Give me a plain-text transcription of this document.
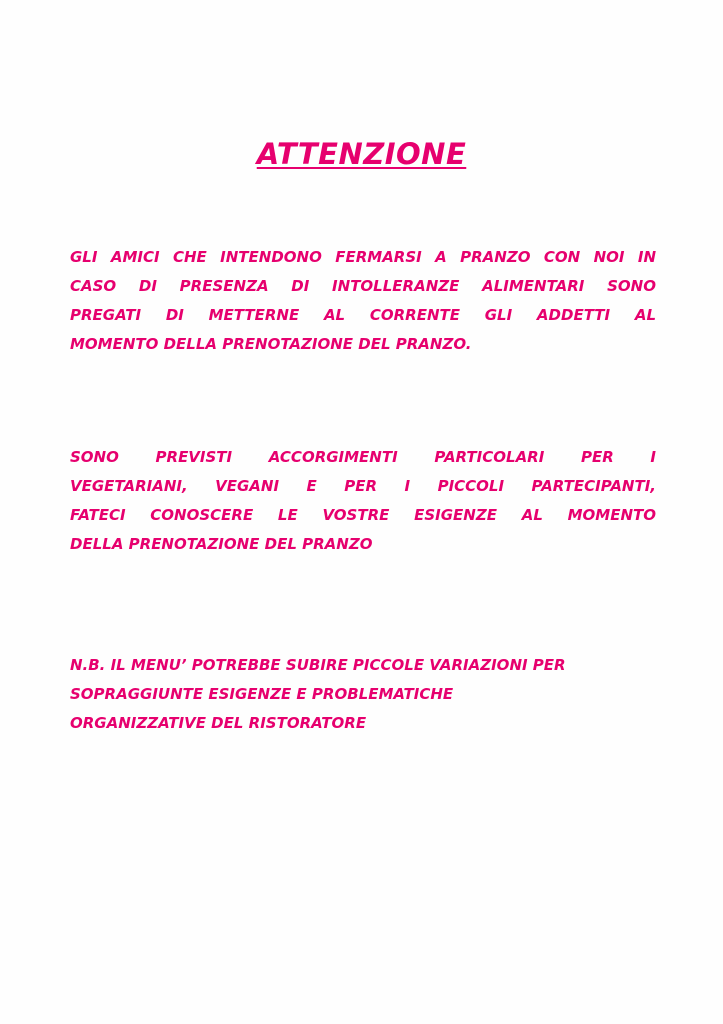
ATTENZIONE
GLI AMICI CHE INTENDONO FERMARSI A PRANZO CON NOI IN
CASO DI PRESENZA DI INTOLLERANZE ALIMENTARI SONO
PREGATI DI METTERNE AL CORRENTE GLI ADDETTI AL
MOMENTO DELLA PRENOTAZIONE DEL PRANZO.
SONO PREVISTI ACCORGIMENTI PARTICOLARI PER I
VEGETARIANI, VEGANI E PER I PICCOLI PARTECIPANTI,
FATECI CONOSCERE LE VOSTRE ESIGENZE AL MOMENTO
DELLA PRENOTAZIONE DEL PRANZO
N.B. IL MENU’ POTREBBE SUBIRE PICCOLE VARIAZIONI PER
SOPRAGGIUNTE ESIGENZE E PROBLEMATICHE
ORGANIZZATIVE DEL RISTORATORE
